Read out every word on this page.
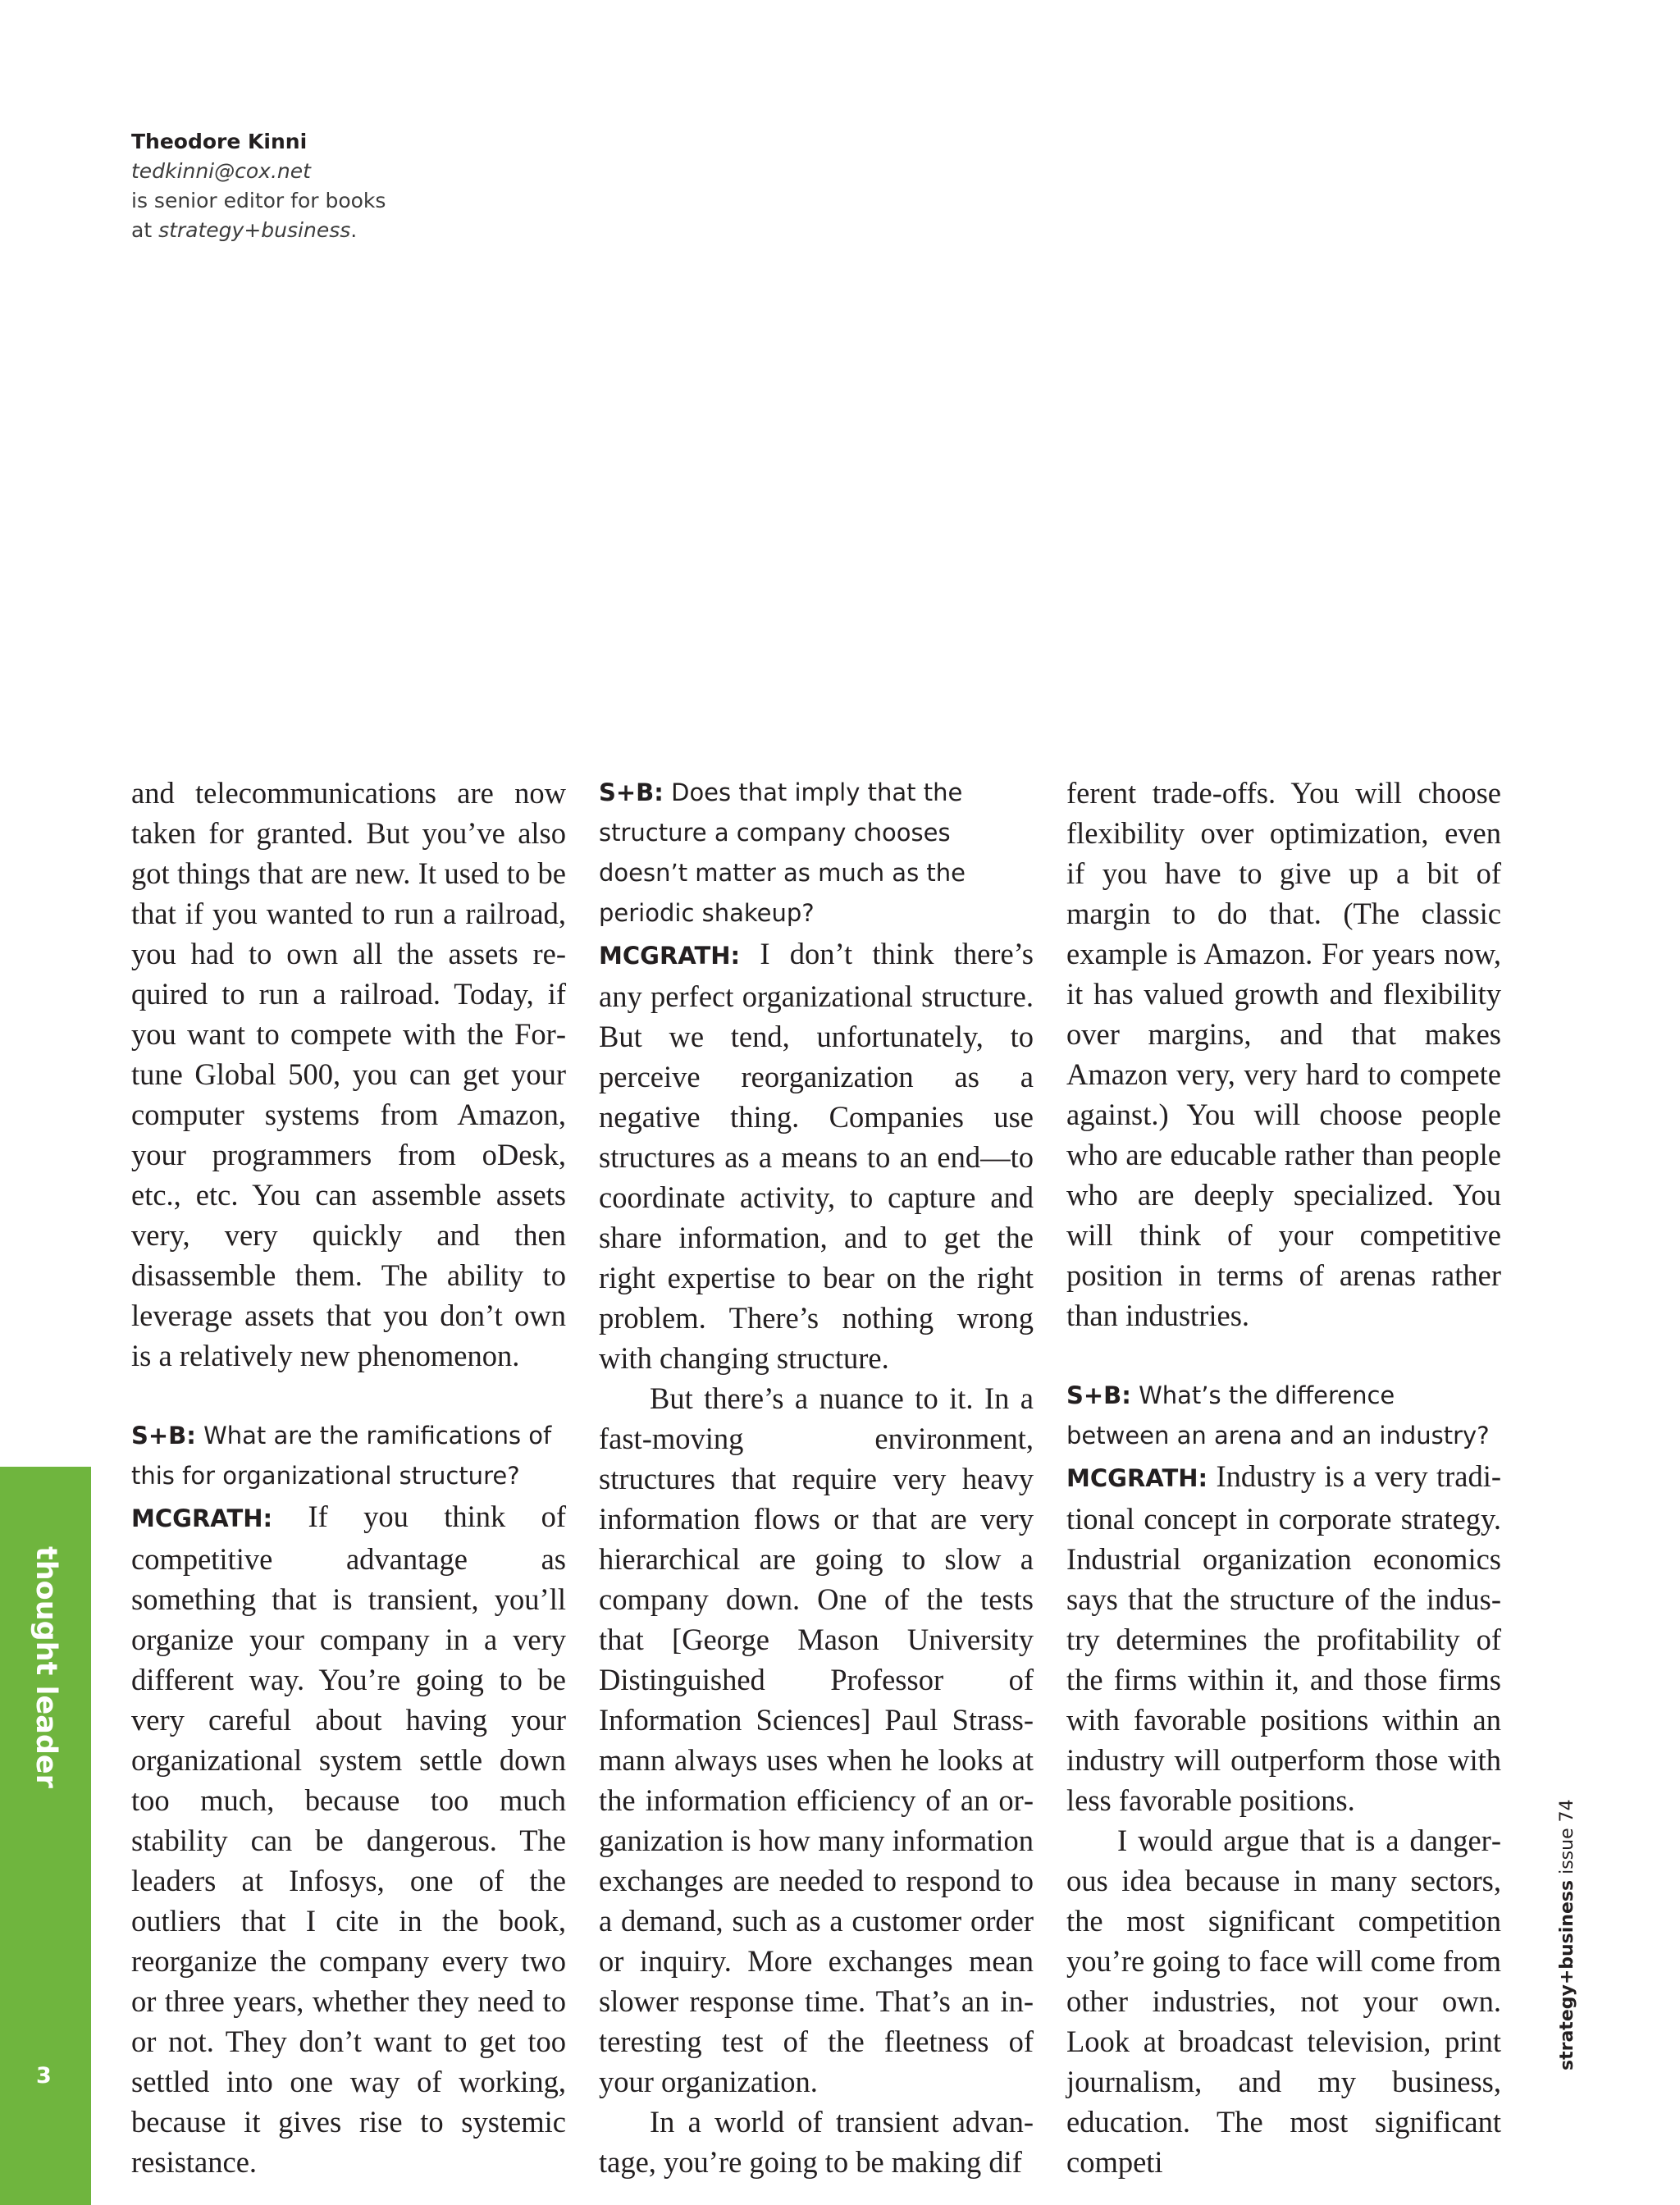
Theodore Kinni
tedkinni@cox.net
is senior editor for books
at strategy+business.
thought leader
3

and telecommunications are now taken for granted. But you’ve also got things that are new. It used to be that if you wanted to run a railroad, you had to own all the assets required to run a railroad. Today, if you want to compete with the Fortune Global 500, you can get your computer systems from Amazon, your programmers from oDesk, etc., etc. You can assemble assets very, very quickly and then disassemble them. The ability to leverage assets that you don’t own is a relatively new phenomenon.

S+B: What are the ramifications of this for organizational structure?

MCGRATH: If you think of competitive advantage as something that is transient, you’ll organize your company in a very different way. You’re going to be very careful about having your organizational system settle down too much, because too much stability can be dangerous. The leaders at Infosys, one of the outliers that I cite in the book, reorganize the company every two or three years, whether they need to or not. They don’t want to get too settled into one way of working, because it gives rise to systemic resistance.

S+B: Does that imply that the structure a company chooses doesn’t matter as much as the periodic shakeup?

MCGRATH: I don’t think there’s any perfect organizational structure. But we tend, unfortunately, to perceive reorganization as a negative thing. Companies use structures as a means to an end—to coordinate activity, to capture and share information, and to get the right expertise to bear on the right problem. There’s nothing wrong with changing structure.

But there’s a nuance to it. In a fast-moving environment, structures that require very heavy information flows or that are very hierarchical are going to slow a company down. One of the tests that [George Mason University Distinguished Professor of Information Sciences] Paul Strassmann always uses when he looks at the information efficiency of an organization is how many information exchanges are needed to respond to a demand, such as a customer order or inquiry. More exchanges mean slower response time. That’s an interesting test of the fleetness of your organization.

In a world of transient advantage, you’re going to be making dif

ferent trade-offs. You will choose flexibility over optimization, even if you have to give up a bit of margin to do that. (The classic example is Amazon. For years now, it has valued growth and flexibility over margins, and that makes Amazon very, very hard to compete against.) You will choose people who are educable rather than people who are deeply specialized. You will think of your competitive position in terms of arenas rather than industries.

S+B: What’s the difference between an arena and an industry?

MCGRATH: Industry is a very traditional concept in corporate strategy. Industrial organization economics says that the structure of the industry determines the profitability of the firms within it, and those firms with favorable positions within an industry will outperform those with less favorable positions.

I would argue that is a dangerous idea because in many sectors, the most significant competition you’re going to face will come from other industries, not your own. Look at broadcast television, print journalism, and my business, education. The most significant competi

strategy+business issue 74
